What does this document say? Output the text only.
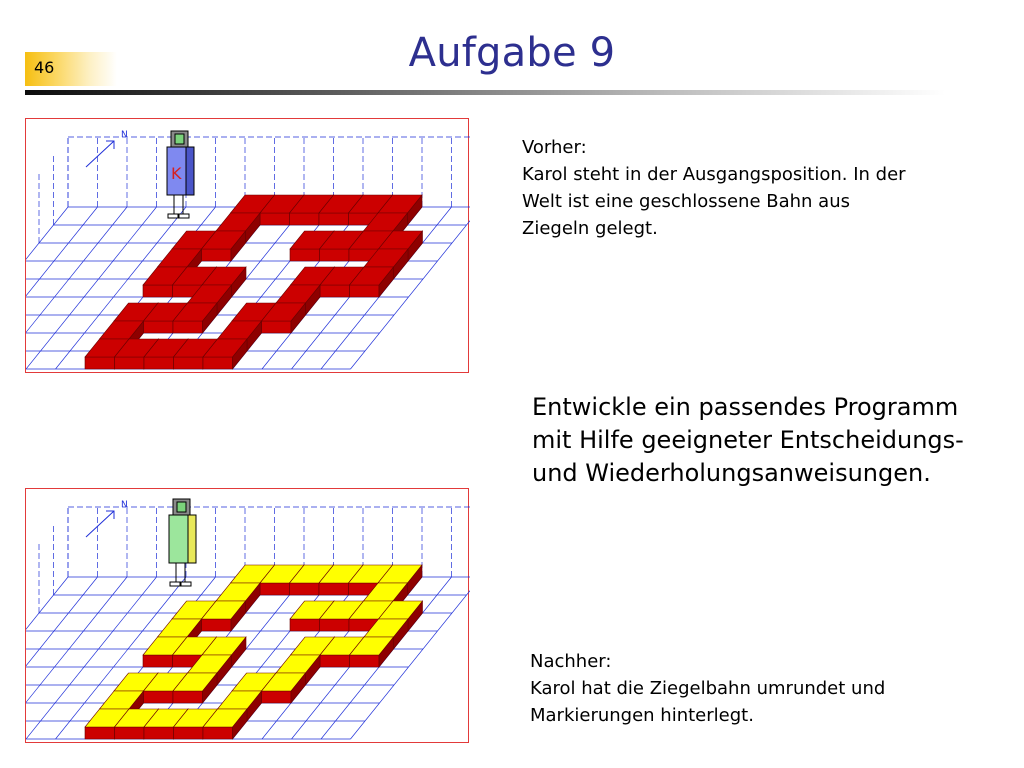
46	Aufgabe 9
N
K
Vorher:
Karol steht in der Ausgangsposition. In der
Welt ist eine geschlossene Bahn aus
Ziegeln gelegt.
Entwickle ein passendes Programm
mit Hilfe geeigneter Entscheidungs-
und Wiederholungsanweisungen.
N
Nachher:
Karol hat die Ziegelbahn umrundet und
Markierungen hinterlegt.
